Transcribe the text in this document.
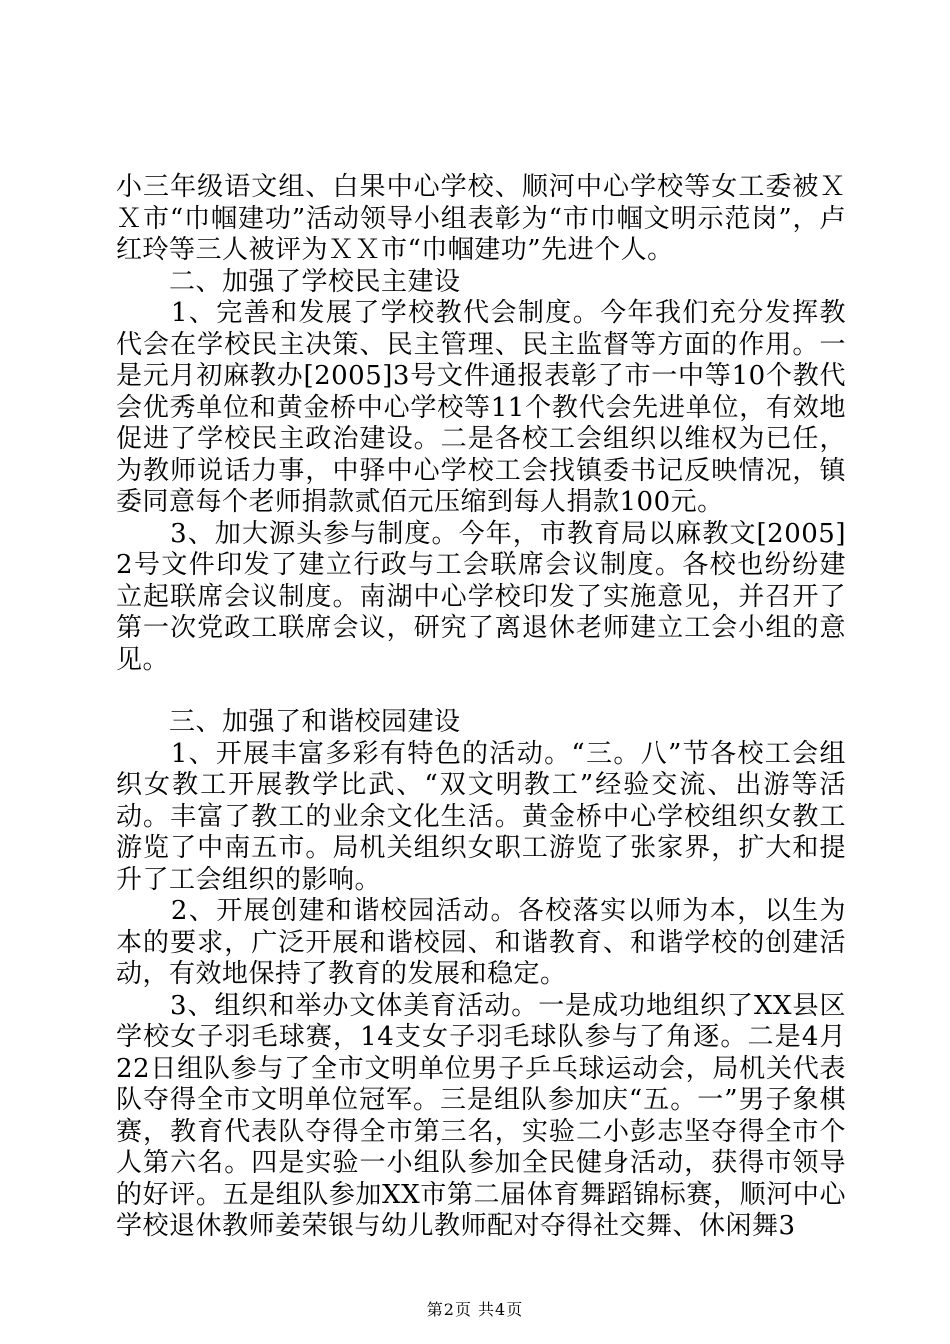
小三年级语文组、白果中心学校、顺河中心学校等女工委被ＸＸ市“巾帼建功”活动领导小组表彰为“市巾帼文明示范岗”，卢红玲等三人被评为ＸＸ市“巾帼建功”先进个人。

　　二、加强了学校民主建设

　　1、完善和发展了学校教代会制度。今年我们充分发挥教代会在学校民主决策、民主管理、民主监督等方面的作用。一是元月初麻教办[2005]3号文件通报表彰了市一中等10个教代会优秀单位和黄金桥中心学校等11个教代会先进单位，有效地促进了学校民主政治建设。二是各校工会组织以维权为已任，为教师说话力事，中驿中心学校工会找镇委书记反映情况，镇委同意每个老师捐款贰佰元压缩到每人捐款100元。

　　3、加大源头参与制度。今年，市教育局以麻教文[2005]2号文件印发了建立行政与工会联席会议制度。各校也纷纷建立起联席会议制度。南湖中心学校印发了实施意见，并召开了第一次党政工联席会议，研究了离退休老师建立工会小组的意见。

　　三、加强了和谐校园建设

　　1、开展丰富多彩有特色的活动。“三。八”节各校工会组织女教工开展教学比武、“双文明教工”经验交流、出游等活动。丰富了教工的业余文化生活。黄金桥中心学校组织女教工游览了中南五市。局机关组织女职工游览了张家界，扩大和提升了工会组织的影响。

　　2、开展创建和谐校园活动。各校落实以师为本，以生为本的要求，广泛开展和谐校园、和谐教育、和谐学校的创建活动，有效地保持了教育的发展和稳定。

　　3、组织和举办文体美育活动。一是成功地组织了XX县区学校女子羽毛球赛，14支女子羽毛球队参与了角逐。二是4月22日组队参与了全市文明单位男子乒乓球运动会，局机关代表队夺得全市文明单位冠军。三是组队参加庆“五。一”男子象棋赛，教育代表队夺得全市第三名，实验二小彭志坚夺得全市个人第六名。四是实验一小组队参加全民健身活动，获得市领导的好评。五是组队参加XX市第二届体育舞蹈锦标赛，顺河中心学校退休教师姜荣银与幼儿教师配对夺得社交舞、休闲舞3

第2页 共4页
